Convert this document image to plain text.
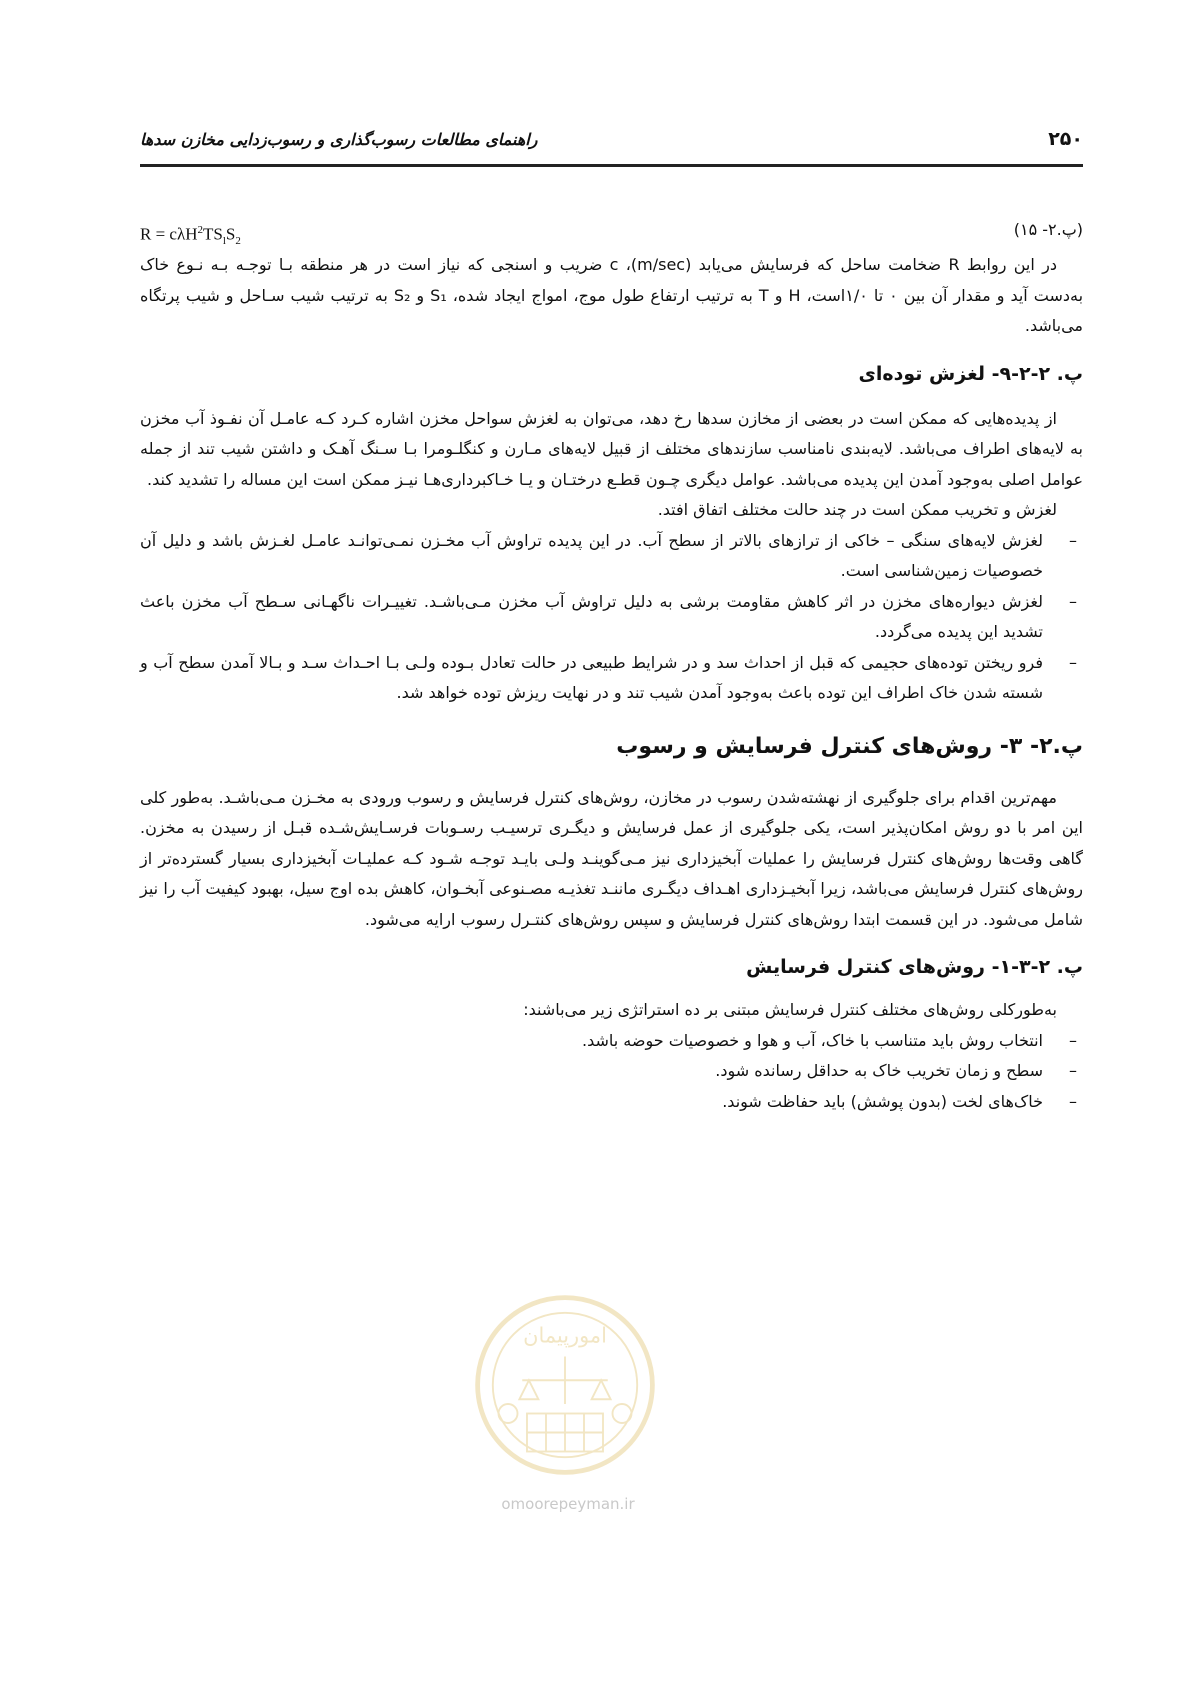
۲۵۰
راهنمای مطالعات رسوب‌گذاری و رسوب‌زدایی مخازن سدها
(پ.۲- ۱۵)
$R = c\lambda H^2TS_lS_2$

در این روابط R ضخامت ساحل که فرسایش می‌یابد (m/sec)، c ضریب و اسنجی که نیاز است در هر منطقه بـا توجـه بـه نـوع خاک به‌دست آید و مقدار آن بین ۰ تا ۱/۰است، H و T به ترتیب ارتفاع طول موج، امواج ایجاد شده، S₁ و S₂ به ترتیب شیب سـاحل و شیب پرتگاه می‌باشد.

پ. ۲-۲-۹- لغزش توده‌ای

از پدیده‌هایی که ممکن است در بعضی از مخازن سدها رخ دهد، می‌توان به لغزش سواحل مخزن اشاره کـرد کـه عامـل آن نفـوذ آب مخزن به لایه‌های اطراف می‌باشد. لایه‌بندی نامناسب سازندهای مختلف از قبیل لایه‌های مـارن و کنگلـومرا بـا سـنگ آهـک و داشتن شیب تند از جمله عوامل اصلی به‌وجود آمدن این پدیده می‌باشد. عوامل دیگری چـون قطـع درختـان و یـا خـاکبرداری‌هـا نیـز ممکن است این مساله را تشدید کند.

لغزش و تخریب ممکن است در چند حالت مختلف اتفاق افتد.

–
لغزش لایه‌های سنگی – خاکی از ترازهای بالاتر از سطح آب. در این پدیده تراوش آب مخـزن نمـی‌توانـد عامـل لغـزش باشد و دلیل آن خصوصیات زمین‌شناسی است.
–
لغزش دیواره‌های مخزن در اثر کاهش مقاومت برشی به دلیل تراوش آب مخزن مـی‌باشـد. تغییـرات ناگهـانی سـطح آب مخزن باعث تشدید این پدیده می‌گردد.
–
فرو ریختن توده‌های حجیمی که قبل از احداث سد و در شرایط طبیعی در حالت تعادل بـوده ولـی بـا احـداث سـد و بـالا آمدن سطح آب و شسته شدن خاک اطراف این توده باعث به‌وجود آمدن شیب تند و در نهایت ریزش توده خواهد شد.
پ.۲- ۳- روش‌های کنترل فرسایش و رسوب

مهم‌ترین اقدام برای جلوگیری از نهشته‌شدن رسوب در مخازن، روش‌های کنترل فرسایش و رسوب ورودی به مخـزن مـی‌باشـد. به‌طور کلی این امر با دو روش امکان‌پذیر است، یکی جلوگیری از عمل فرسایش و دیگـری ترسیـب رسـوبات فرسـایش‌شـده قبـل از رسیدن به مخزن. گاهی وقت‌ها روش‌های کنترل فرسایش را عملیات آبخیزداری نیز مـی‌گوینـد ولـی بایـد توجـه شـود کـه عملیـات آبخیزداری بسیار گسترده‌تر از روش‌های کنترل فرسایش می‌باشد، زیرا آبخیـزداری اهـداف دیگـری ماننـد تغذیـه مصـنوعی آبخـوان، کاهش بده اوج سیل، بهبود کیفیت آب را نیز شامل می‌شود. در این قسمت ابتدا روش‌های کنترل فرسایش و سپس روش‌های کنتـرل رسوب ارایه می‌شود.

پ. ۲-۳-۱- روش‌های کنترل فرسایش

به‌طورکلی روش‌های مختلف کنترل فرسایش مبتنی بر ده استراتژی زیر می‌باشند:

–
انتخاب روش باید متناسب با خاک، آب و هوا و خصوصیات حوضه باشد.
–
سطح و زمان تخریب خاک به حداقل رسانده شود.
–
خاک‌های لخت (بدون پوشش) باید حفاظت شوند.
امورپیمان
omoorepeyman.ir
